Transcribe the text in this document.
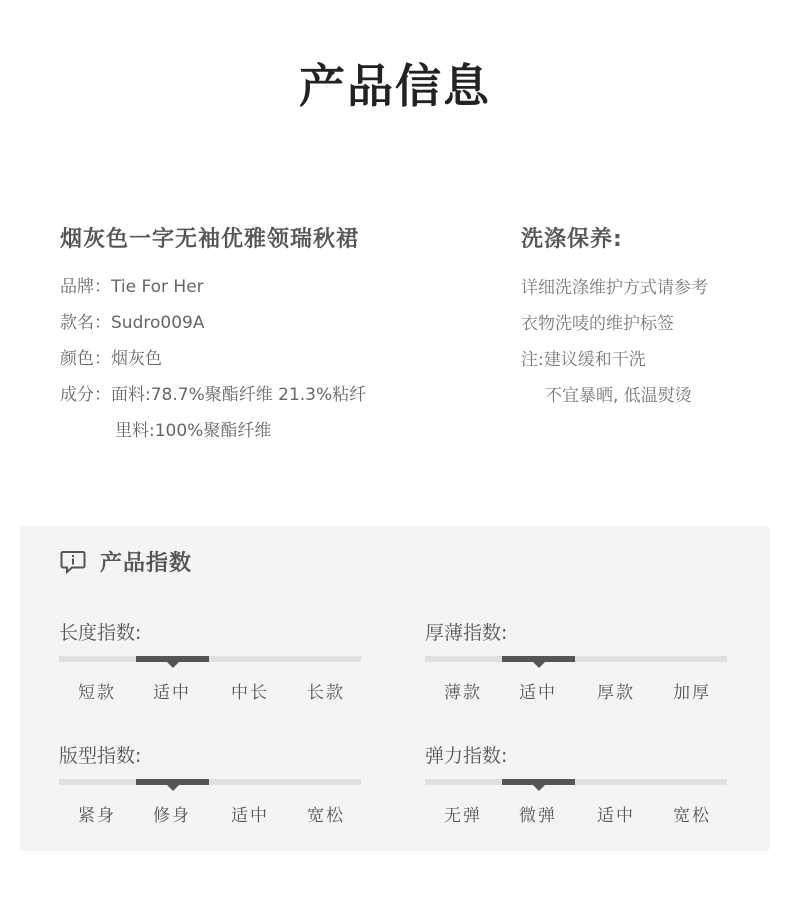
产品信息
烟灰色一字无袖优雅领瑞秋裙
品牌：Tie For Her
款名：Sudro009A
颜色：烟灰色
成分：面料:78.7%聚酯纤维 21.3%粘纤
里料:100%聚酯纤维
洗涤保养:
详细洗涤维护方式请参考
衣物洗唛的维护标签
注:建议缓和干洗
不宜暴晒, 低温熨烫
产品指数
长度指数:
短款	适中	中长	长款
厚薄指数:
薄款	适中	厚款	加厚
版型指数:
紧身	修身	适中	宽松
弹力指数:
无弹	微弹	适中	宽松
